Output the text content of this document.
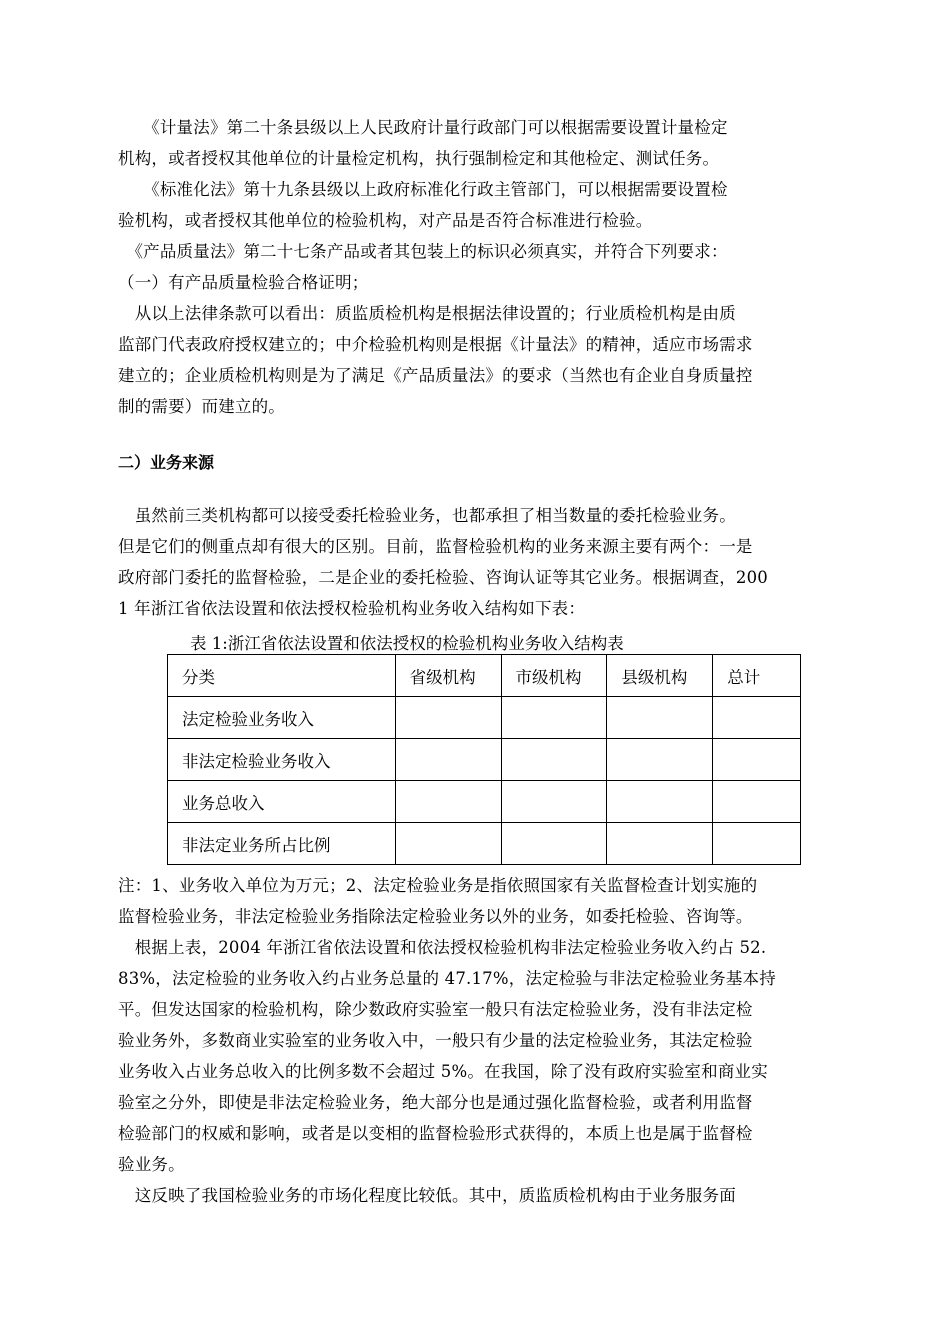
　　《计量法》第二十条县级以上人民政府计量行政部门可以根据需要设置计量检定
机构，或者授权其他单位的计量检定机构，执行强制检定和其他检定、测试任务。
　　《标准化法》第十九条县级以上政府标准化行政主管部门，可以根据需要设置检
验机构，或者授权其他单位的检验机构，对产品是否符合标准进行检验。
　《产品质量法》第二十七条产品或者其包装上的标识必须真实，并符合下列要求：
（一）有产品质量检验合格证明；
　从以上法律条款可以看出：质监质检机构是根据法律设置的；行业质检机构是由质
监部门代表政府授权建立的；中介检验机构则是根据《计量法》的精神，适应市场需求
建立的；企业质检机构则是为了满足《产品质量法》的要求（当然也有企业自身质量控
制的需要）而建立的。
二）业务来源
　虽然前三类机构都可以接受委托检验业务，也都承担了相当数量的委托检验业务。
但是它们的侧重点却有很大的区别。目前，监督检验机构的业务来源主要有两个：一是
政府部门委托的监督检验，二是企业的委托检验、咨询认证等其它业务。根据调查，200
1 年浙江省依法设置和依法授权检验机构业务收入结构如下表：
表 1:浙江省依法设置和依法授权的检验机构业务收入结构表
分类	省级机构	市级机构	县级机构	总计
法定检验业务收入				
非法定检验业务收入				
业务总收入				
非法定业务所占比例				
注：1、业务收入单位为万元；2、法定检验业务是指依照国家有关监督检查计划实施的
监督检验业务，非法定检验业务指除法定检验业务以外的业务，如委托检验、咨询等。
　根据上表，2004 年浙江省依法设置和依法授权检验机构非法定检验业务收入约占 52.
83%，法定检验的业务收入约占业务总量的 47.17%，法定检验与非法定检验业务基本持
平。但发达国家的检验机构，除少数政府实验室一般只有法定检验业务，没有非法定检
验业务外，多数商业实验室的业务收入中，一般只有少量的法定检验业务，其法定检验
业务收入占业务总收入的比例多数不会超过 5%。在我国，除了没有政府实验室和商业实
验室之分外，即使是非法定检验业务，绝大部分也是通过强化监督检验，或者利用监督
检验部门的权威和影响，或者是以变相的监督检验形式获得的，本质上也是属于监督检
验业务。
　这反映了我国检验业务的市场化程度比较低。其中，质监质检机构由于业务服务面
